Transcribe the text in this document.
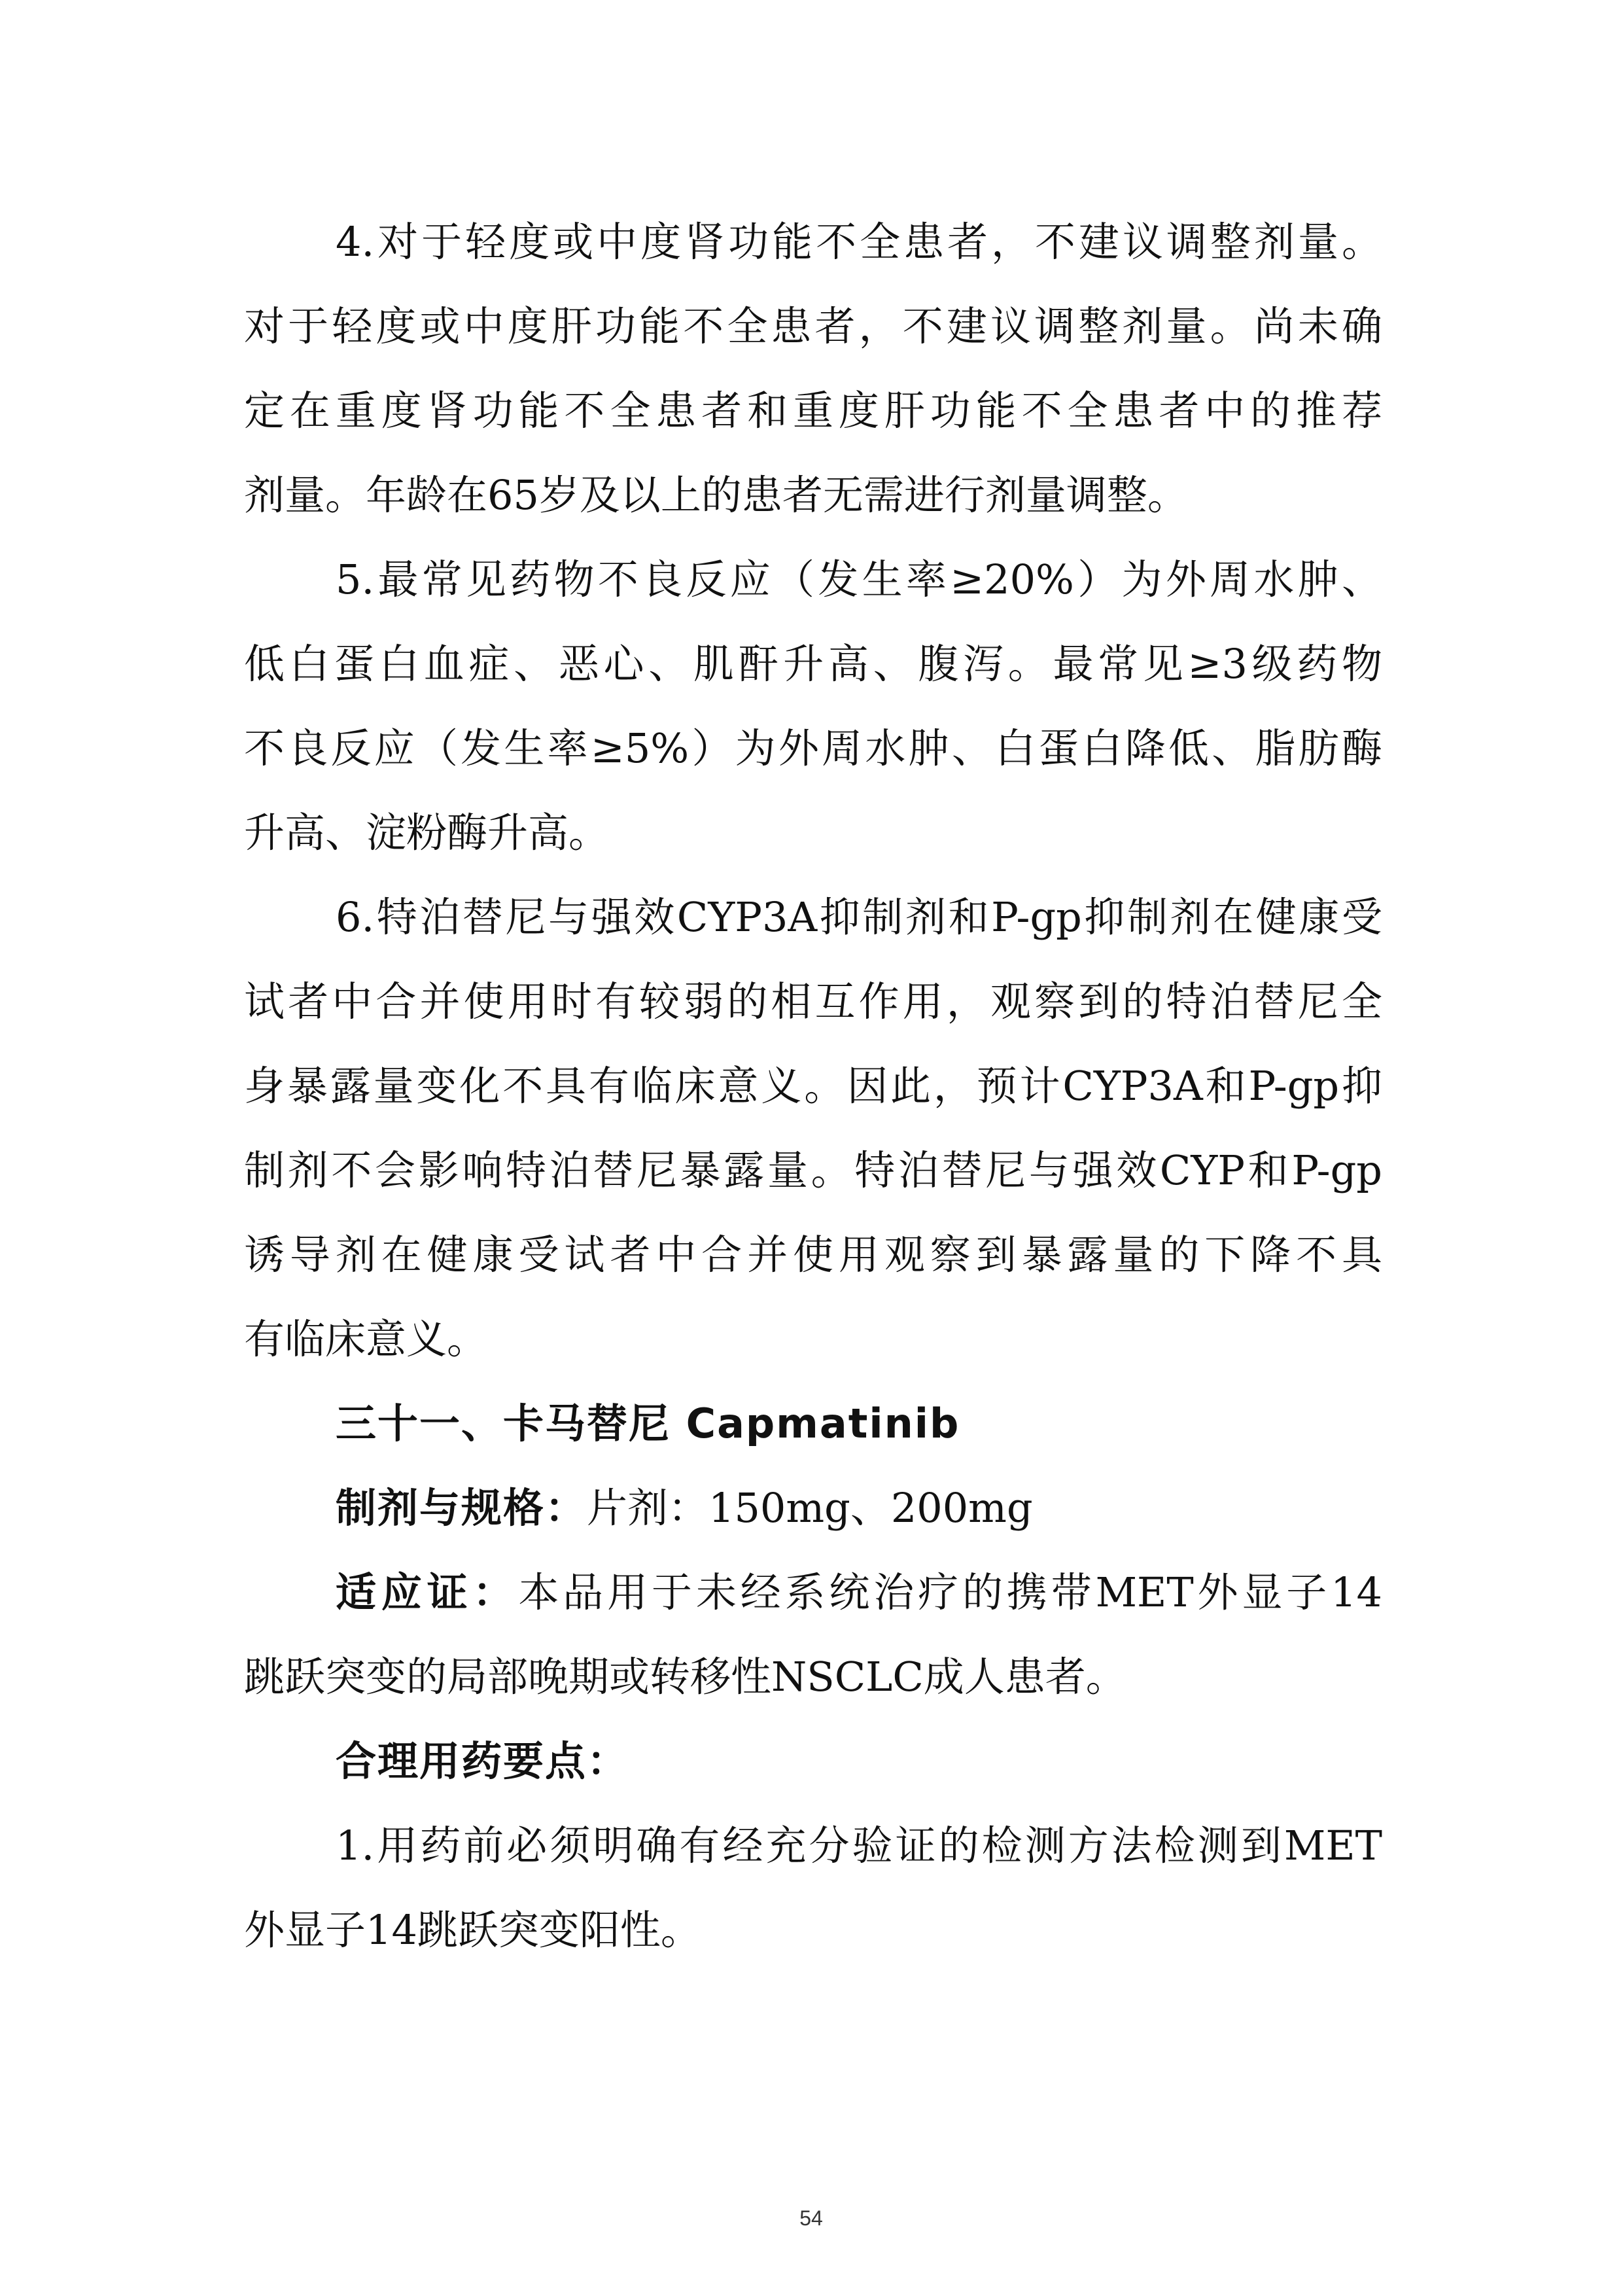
4.对于轻度或中度肾功能不全患者，不建议调整剂量。
对于轻度或中度肝功能不全患者，不建议调整剂量。尚未确
定在重度肾功能不全患者和重度肝功能不全患者中的推荐
剂量。年龄在65岁及以上的患者无需进行剂量调整。
5.最常见药物不良反应（发生率≥20%）为外周水肿、
低白蛋白血症、恶心、肌酐升高、腹泻。最常见≥3级药物
不良反应（发生率≥5%）为外周水肿、白蛋白降低、脂肪酶
升高、淀粉酶升高。
6.特泊替尼与强效CYP3A抑制剂和P-gp抑制剂在健康受
试者中合并使用时有较弱的相互作用，观察到的特泊替尼全
身暴露量变化不具有临床意义。因此，预计CYP3A和P-gp抑
制剂不会影响特泊替尼暴露量。特泊替尼与强效CYP和P-gp
诱导剂在健康受试者中合并使用观察到暴露量的下降不具
有临床意义。
三十一、卡马替尼 Capmatinib
制剂与规格：片剂：150mg、200mg
适应证：本品用于未经系统治疗的携带MET外显子14
跳跃突变的局部晚期或转移性NSCLC成人患者。
合理用药要点：
1.用药前必须明确有经充分验证的检测方法检测到MET
外显子14跳跃突变阳性。
54
